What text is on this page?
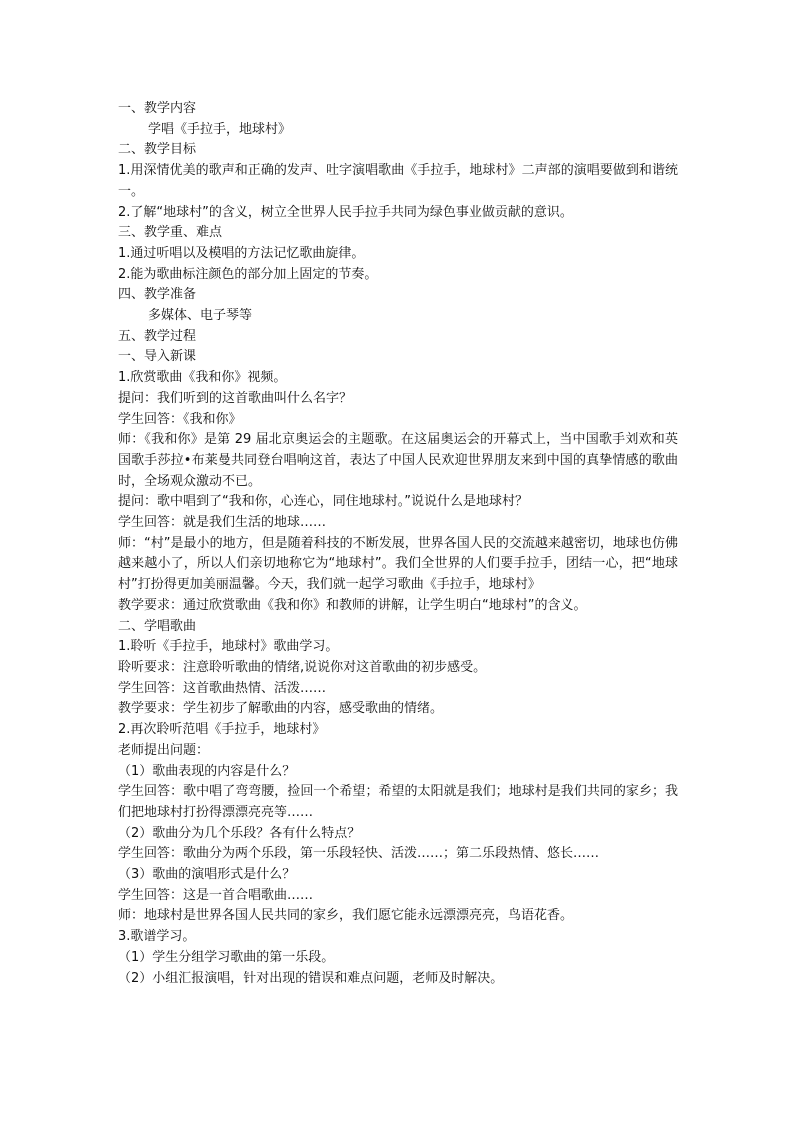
一、教学内容
学唱《手拉手，地球村》
二、教学目标
1.用深情优美的歌声和正确的发声、吐字演唱歌曲《手拉手，地球村》二声部的演唱要做到和谐统一。
2.了解“地球村”的含义，树立全世界人民手拉手共同为绿色事业做贡献的意识。
三、教学重、难点
1.通过听唱以及模唱的方法记忆歌曲旋律。
2.能为歌曲标注颜色的部分加上固定的节奏。
四、教学准备
多媒体、电子琴等
五、教学过程
一、导入新课
1.欣赏歌曲《我和你》视频。
提问：我们听到的这首歌曲叫什么名字？
学生回答：《我和你》
师：《我和你》是第 29 届北京奥运会的主题歌。在这届奥运会的开幕式上，当中国歌手刘欢和英国歌手莎拉•布莱曼共同登台唱响这首，表达了中国人民欢迎世界朋友来到中国的真挚情感的歌曲时，全场观众激动不已。
提问：歌中唱到了“我和你，心连心，同住地球村。”说说什么是地球村？
学生回答：就是我们生活的地球……
师：“村”是最小的地方，但是随着科技的不断发展，世界各国人民的交流越来越密切，地球也仿佛越来越小了，所以人们亲切地称它为“地球村”。我们全世界的人们要手拉手，团结一心，把“地球村”打扮得更加美丽温馨。今天，我们就一起学习歌曲《手拉手，地球村》
教学要求：通过欣赏歌曲《我和你》和教师的讲解，让学生明白“地球村”的含义。
二、学唱歌曲
1.聆听《手拉手，地球村》歌曲学习。
聆听要求：注意聆听歌曲的情绪,说说你对这首歌曲的初步感受。
学生回答：这首歌曲热情、活泼……
教学要求：学生初步了解歌曲的内容，感受歌曲的情绪。
2.再次聆听范唱《手拉手，地球村》
老师提出问题：
（1）歌曲表现的内容是什么？
学生回答：歌中唱了弯弯腰，捡回一个希望；希望的太阳就是我们；地球村是我们共同的家乡；我们把地球村打扮得漂漂亮亮等……
（2）歌曲分为几个乐段？各有什么特点？
学生回答：歌曲分为两个乐段，第一乐段轻快、活泼……；第二乐段热情、悠长……
（3）歌曲的演唱形式是什么？
学生回答：这是一首合唱歌曲……
师：地球村是世界各国人民共同的家乡，我们愿它能永远漂漂亮亮，鸟语花香。
3.歌谱学习。
（1）学生分组学习歌曲的第一乐段。
（2）小组汇报演唱，针对出现的错误和难点问题，老师及时解决。
